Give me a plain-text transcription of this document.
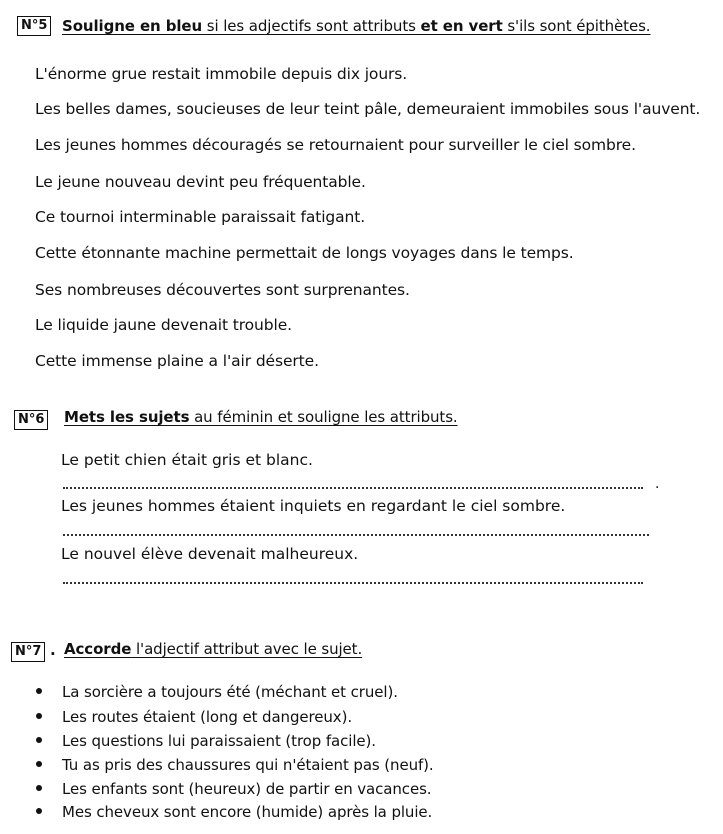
N°5 Souligne en bleu si les adjectifs sont attributs et en vert s'ils sont épithètes.
L'énorme grue restait immobile depuis dix jours.
Les belles dames, soucieuses de leur teint pâle, demeuraient immobiles sous l'auvent.
Les jeunes hommes découragés se retournaient pour surveiller le ciel sombre.
Le jeune nouveau devint peu fréquentable.
Ce tournoi interminable paraissait fatigant.
Cette étonnante machine permettait de longs voyages dans le temps.
Ses nombreuses découvertes sont surprenantes.
Le liquide jaune devenait trouble.
Cette immense plaine a l'air déserte.
N°6 Mets les sujets au féminin et souligne les attributs.
Le petit chien était gris et blanc.
.
Les jeunes hommes étaient inquiets en regardant le ciel sombre.
Le nouvel élève devenait malheureux.
N°7 . Accorde l'adjectif attribut avec le sujet.
La sorcière a toujours été (méchant et cruel).
Les routes étaient (long et dangereux).
Les questions lui paraissaient (trop facile).
Tu as pris des chaussures qui n'étaient pas (neuf).
Les enfants sont (heureux) de partir en vacances.
Mes cheveux sont encore (humide) après la pluie.
